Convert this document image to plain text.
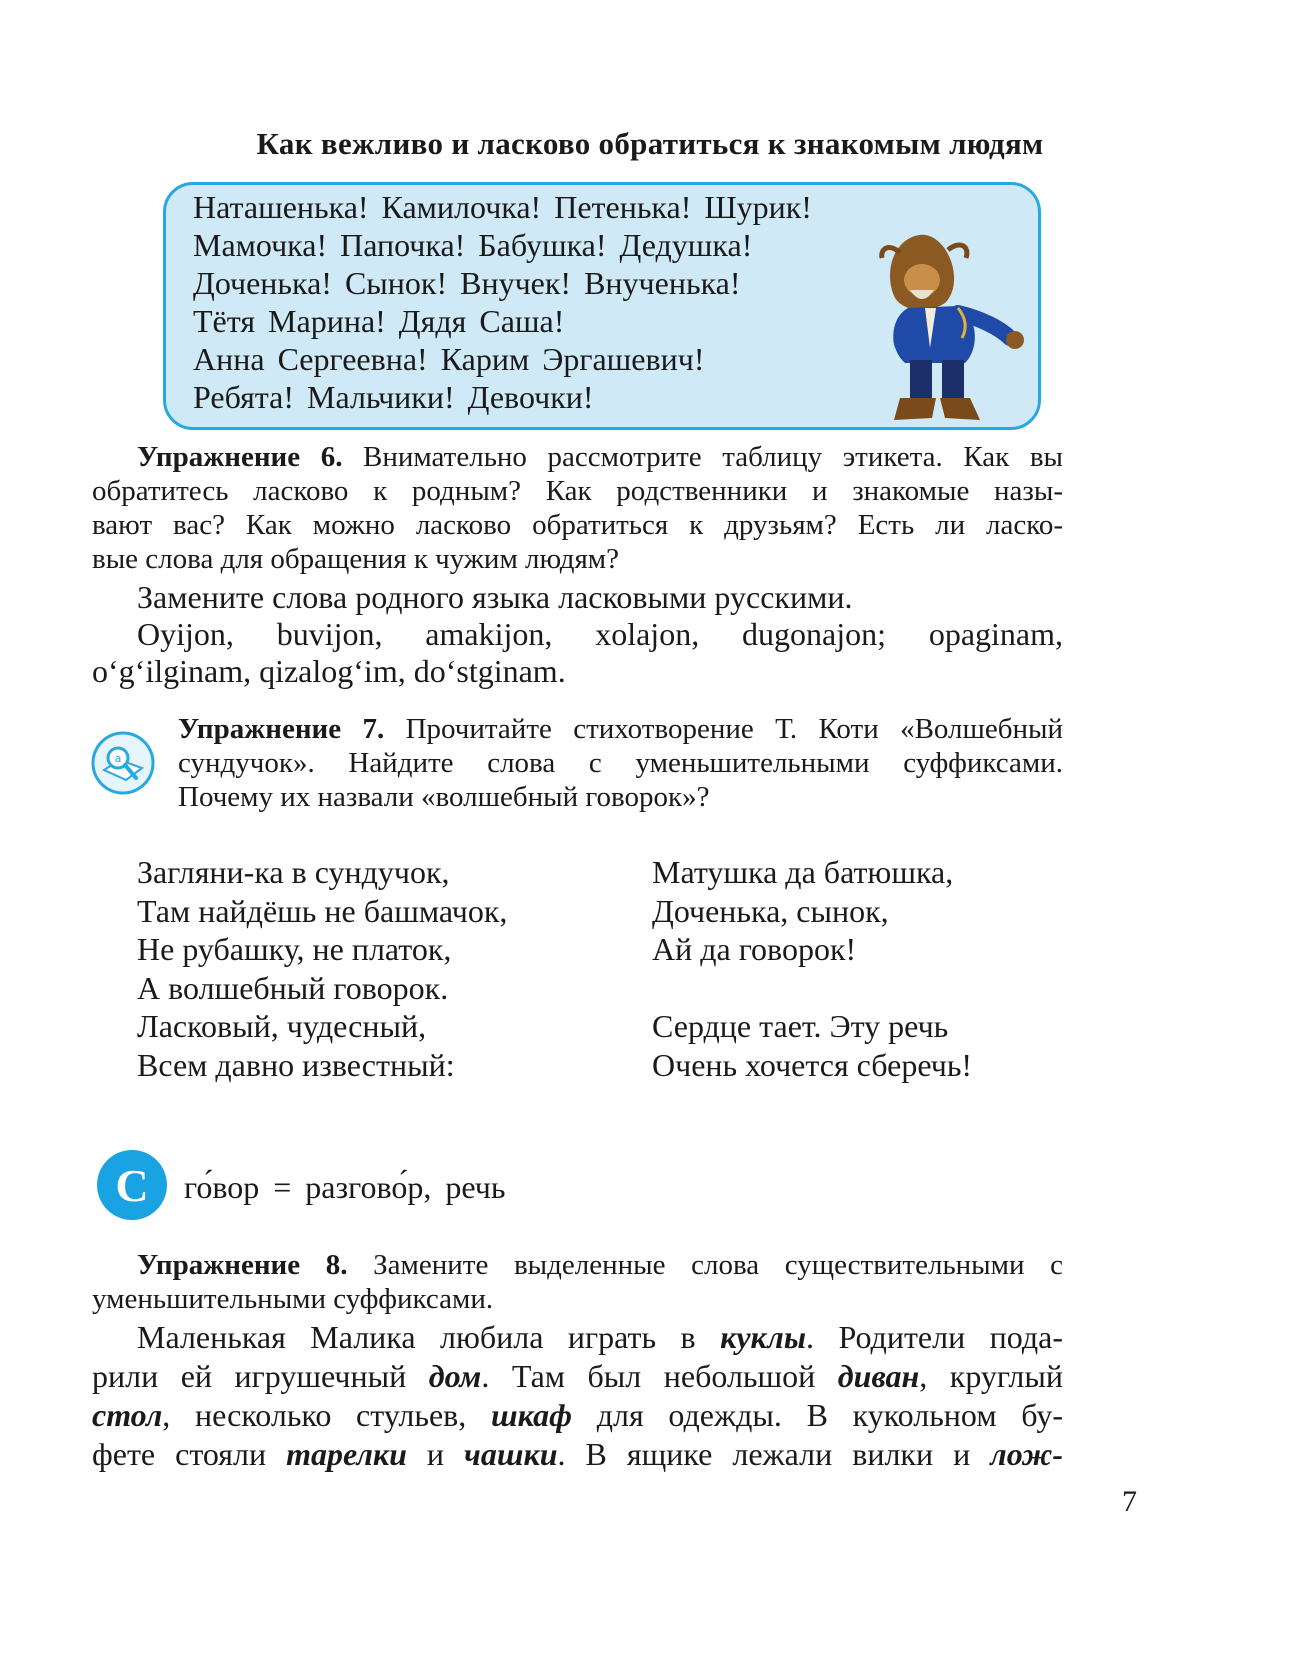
Как вежливо и ласково обратиться к знакомым людям
Наташенька! Камилочка! Петенька! Шурик!
Мамочка! Папочка! Бабушка! Дедушка!
Доченька! Сынок! Внучек! Внученька!
Тётя Марина! Дядя Саша!
Анна Сергеевна! Карим Эргашевич!
Ребята! Мальчики! Девочки!
Упражнение 6. Внимательно рассмотрите таблицу этикета. Как вы
обратитесь ласково к родным? Как родственники и знакомые назы-
вают вас? Как можно ласково обратиться к друзьям? Есть ли ласко-
вые слова для обращения к чужим людям?
Замените слова родного языка ласковыми русскими.
Oyijon, buvijon, amakijon, xolajon, dugonajon; opaginam,
o‘g‘ilginam, qizalog‘im, do‘stginam.
a
Упражнение 7. Прочитайте стихотворение Т. Коти «Волшебный
сундучок». Найдите слова с уменьшительными суффиксами.
Почему их назвали «волшебный говорок»?
Загляни-ка в сундучок,
Там найдёшь не башмачок,
Не рубашку, не платок,
А волшебный говорок.
Ласковый, чудесный,
Всем давно известный:
Матушка да батюшка,
Доченька, сынок,
Ай да говорок!
Сердце тает. Эту речь
Очень хочется сберечь!
С го́вор = разгово́р, речь
Упражнение 8. Замените выделенные слова существительными с
уменьшительными суффиксами.
Маленькая Малика любила играть в куклы. Родители пода-
рили ей игрушечный дом. Там был небольшой диван, круглый
стол, несколько стульев, шкаф для одежды. В кукольном бу-
фете стояли тарелки и чашки. В ящике лежали вилки и лож-
7
